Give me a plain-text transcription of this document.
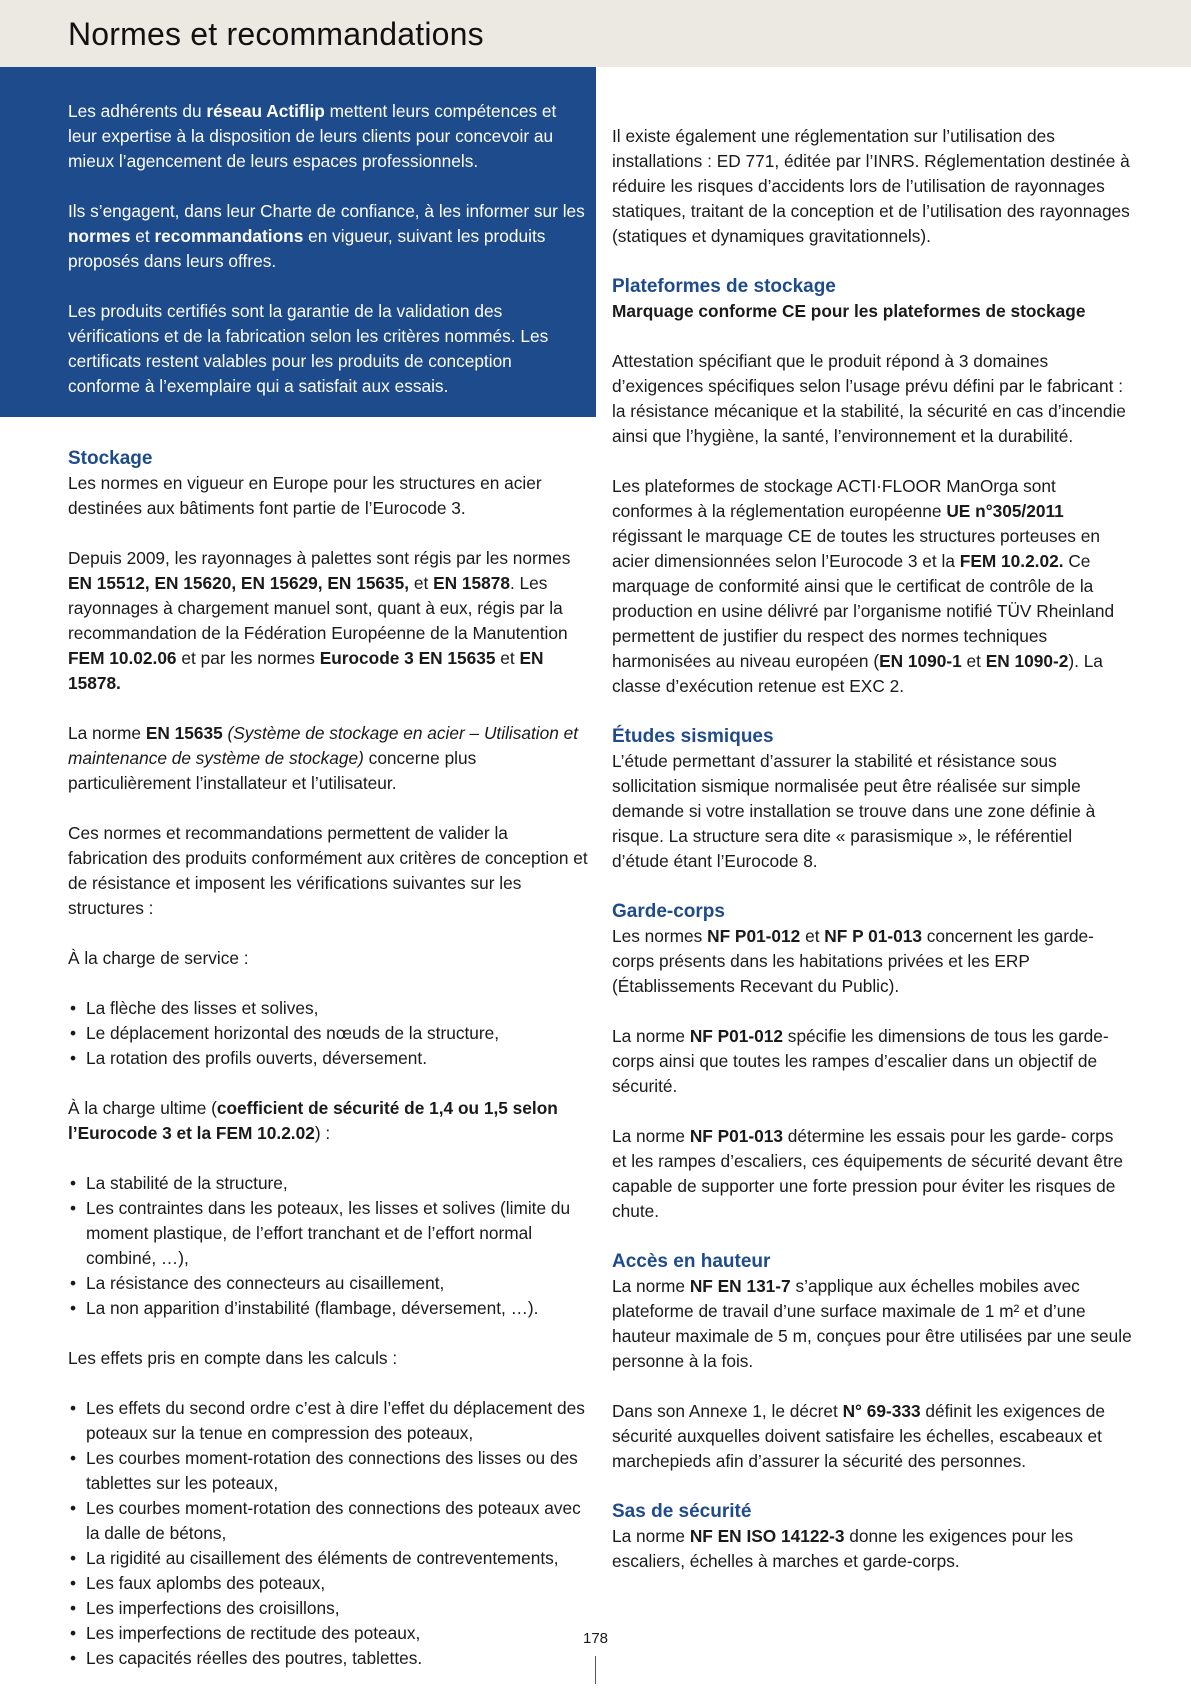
Normes et recommandations

Les adhérents du réseau Actiflip mettent leurs compétences et leur expertise à la disposition de leurs clients pour concevoir au mieux l’agencement de leurs espaces professionnels.

Ils s’engagent, dans leur Charte de confiance, à les informer sur les normes et recommandations en vigueur, suivant les produits proposés dans leurs offres.

Les produits certifiés sont la garantie de la validation des vérifications et de la fabrication selon les critères nommés. Les certificats restent valables pour les produits de conception conforme à l’exemplaire qui a satisfait aux essais.

Stockage

Les normes en vigueur en Europe pour les structures en acier destinées aux bâtiments font partie de l’Eurocode 3.

Depuis 2009, les rayonnages à palettes sont régis par les normes EN 15512, EN 15620, EN 15629, EN 15635, et EN 15878. Les rayonnages à chargement manuel sont, quant à eux, régis par la recommandation de la Fédération Européenne de la Manutention FEM 10.02.06 et par les normes Eurocode 3 EN 15635 et EN 15878.

La norme EN 15635 (Système de stockage en acier – Utilisation et maintenance de système de stockage) concerne plus particulièrement l’installateur et l’utilisateur.

Ces normes et recommandations permettent de valider la fabrication des produits conformément aux critères de conception et de résistance et imposent les vérifications suivantes sur les structures :

À la charge de service :

• La flèche des lisses et solives,
• Le déplacement horizontal des nœuds de la structure,
• La rotation des profils ouverts, déversement.

À la charge ultime (coefficient de sécurité de 1,4 ou 1,5 selon l’Eurocode 3 et la FEM 10.2.02) :

• La stabilité de la structure,
• Les contraintes dans les poteaux, les lisses et solives (limite du moment plastique, de l’effort tranchant et de l’effort normal combiné, …),
• La résistance des connecteurs au cisaillement,
• La non apparition d’instabilité (flambage, déversement, …).

Les effets pris en compte dans les calculs :

• Les effets du second ordre c’est à dire l’effet du déplacement des poteaux sur la tenue en compression des poteaux,
• Les courbes moment-rotation des connections des lisses ou des tablettes sur les poteaux,
• Les courbes moment-rotation des connections des poteaux avec la dalle de bétons,
• La rigidité au cisaillement des éléments de contreventements,
• Les faux aplombs des poteaux,
• Les imperfections des croisillons,
• Les imperfections de rectitude des poteaux,
• Les capacités réelles des poutres, tablettes.

Il existe également une réglementation sur l’utilisation des installations : ED 771, éditée par l’INRS. Réglementation destinée à réduire les risques d’accidents lors de l’utilisation de rayonnages statiques, traitant de la conception et de l’utilisation des rayonnages (statiques et dynamiques gravitationnels).

Plateformes de stockage

Marquage conforme CE pour les plateformes de stockage

Attestation spécifiant que le produit répond à 3 domaines d’exigences spécifiques selon l’usage prévu défini par le fabricant : la résistance mécanique et la stabilité, la sécurité en cas d’incendie ainsi que l’hygiène, la santé, l’environnement et la durabilité.

Les plateformes de stockage ACTI·FLOOR ManOrga sont conformes à la réglementation européenne UE n°305/2011 régissant le marquage CE de toutes les structures porteuses en acier dimensionnées selon l’Eurocode 3 et la FEM 10.2.02. Ce marquage de conformité ainsi que le certificat de contrôle de la production en usine délivré par l’organisme notifié TÜV Rheinland permettent de justifier du respect des normes techniques harmonisées au niveau européen (EN 1090-1 et EN 1090-2). La classe d’exécution retenue est EXC 2.

Études sismiques

L’étude permettant d’assurer la stabilité et résistance sous sollicitation sismique normalisée peut être réalisée sur simple demande si votre installation se trouve dans une zone définie à risque. La structure sera dite « parasismique », le référentiel d’étude étant l’Eurocode 8.

Garde-corps

Les normes NF P01-012 et NF P 01-013 concernent les garde-corps présents dans les habitations privées et les ERP (Établissements Recevant du Public).

La norme NF P01-012 spécifie les dimensions de tous les garde-corps ainsi que toutes les rampes d’escalier dans un objectif de sécurité.

La norme NF P01-013 détermine les essais pour les garde- corps et les rampes d’escaliers, ces équipements de sécurité devant être capable de supporter une forte pression pour éviter les risques de chute.

Accès en hauteur

La norme NF EN 131-7 s’applique aux échelles mobiles avec plateforme de travail d’une surface maximale de 1 m² et d’une hauteur maximale de 5 m, conçues pour être utilisées par une seule personne à la fois.

Dans son Annexe 1, le décret N° 69-333 définit les exigences de sécurité auxquelles doivent satisfaire les échelles, escabeaux et marchepieds afin d’assurer la sécurité des personnes.

Sas de sécurité

La norme NF EN ISO 14122-3 donne les exigences pour les escaliers, échelles à marches et garde-corps.

178
